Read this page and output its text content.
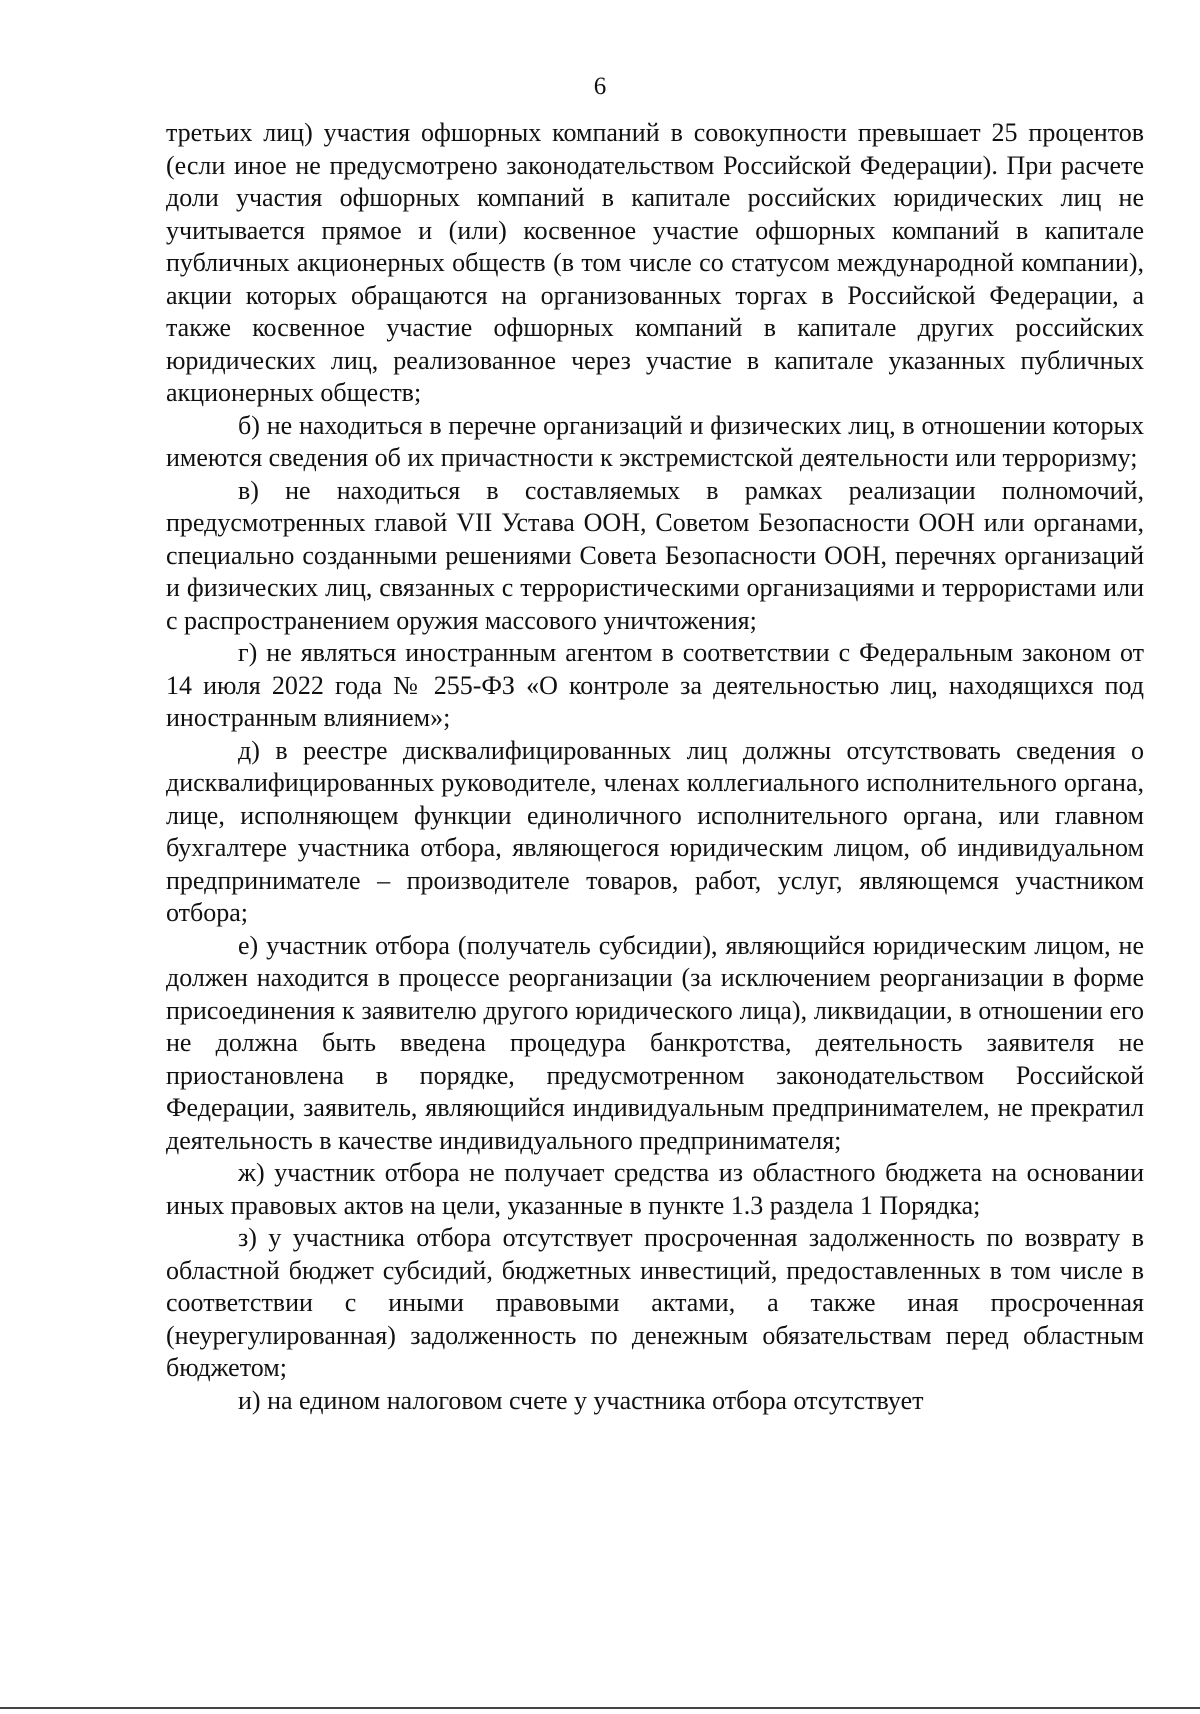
6

третьих лиц) участия офшорных компаний в совокупности превышает 25 процентов (если иное не предусмотрено законодательством Российской Федерации). При расчете доли участия офшорных компаний в капитале российских юридических лиц не учитывается прямое и (или) косвенное участие офшорных компаний в капитале публичных акционерных обществ (в том числе со статусом международной компании), акции которых обращаются на организованных торгах в Российской Федерации, а также косвенное участие офшорных компаний в капитале других российских юридических лиц, реализованное через участие в капитале указанных публичных акционерных обществ;

б) не находиться в перечне организаций и физических лиц, в отношении которых имеются сведения об их причастности к экстремистской деятельности или терроризму;

в) не находиться в составляемых в рамках реализации полномочий, предусмотренных главой VII Устава ООН, Советом Безопасности ООН или органами, специально созданными решениями Совета Безопасности ООН, перечнях организаций и физических лиц, связанных с террористическими организациями и террористами или с распространением оружия массового уничтожения;

г) не являться иностранным агентом в соответствии с Федеральным законом от 14 июля 2022 года № 255-ФЗ «О контроле за деятельностью лиц, находящихся под иностранным влиянием»;

д) в реестре дисквалифицированных лиц должны отсутствовать сведения о дисквалифицированных руководителе, членах коллегиального исполнительного органа, лице, исполняющем функции единоличного исполнительного органа, или главном бухгалтере участника отбора, являющегося юридическим лицом, об индивидуальном предпринимателе – производителе товаров, работ, услуг, являющемся участником отбора;

е) участник отбора (получатель субсидии), являющийся юридическим лицом, не должен находится в процессе реорганизации (за исключением реорганизации в форме присоединения к заявителю другого юридического лица), ликвидации, в отношении его не должна быть введена процедура банкротства, деятельность заявителя не приостановлена в порядке, предусмотренном законодательством Российской Федерации, заявитель, являющийся индивидуальным предпринимателем, не прекратил деятельность в качестве индивидуального предпринимателя;

ж) участник отбора не получает средства из областного бюджета на основании иных правовых актов на цели, указанные в пункте 1.3 раздела 1 Порядка;

з) у участника отбора отсутствует просроченная задолженность по возврату в областной бюджет субсидий, бюджетных инвестиций, предоставленных в том числе в соответствии с иными правовыми актами, а также иная просроченная (неурегулированная) задолженность по денежным обязательствам перед областным бюджетом;

и) на едином налоговом счете у участника отбора отсутствует
